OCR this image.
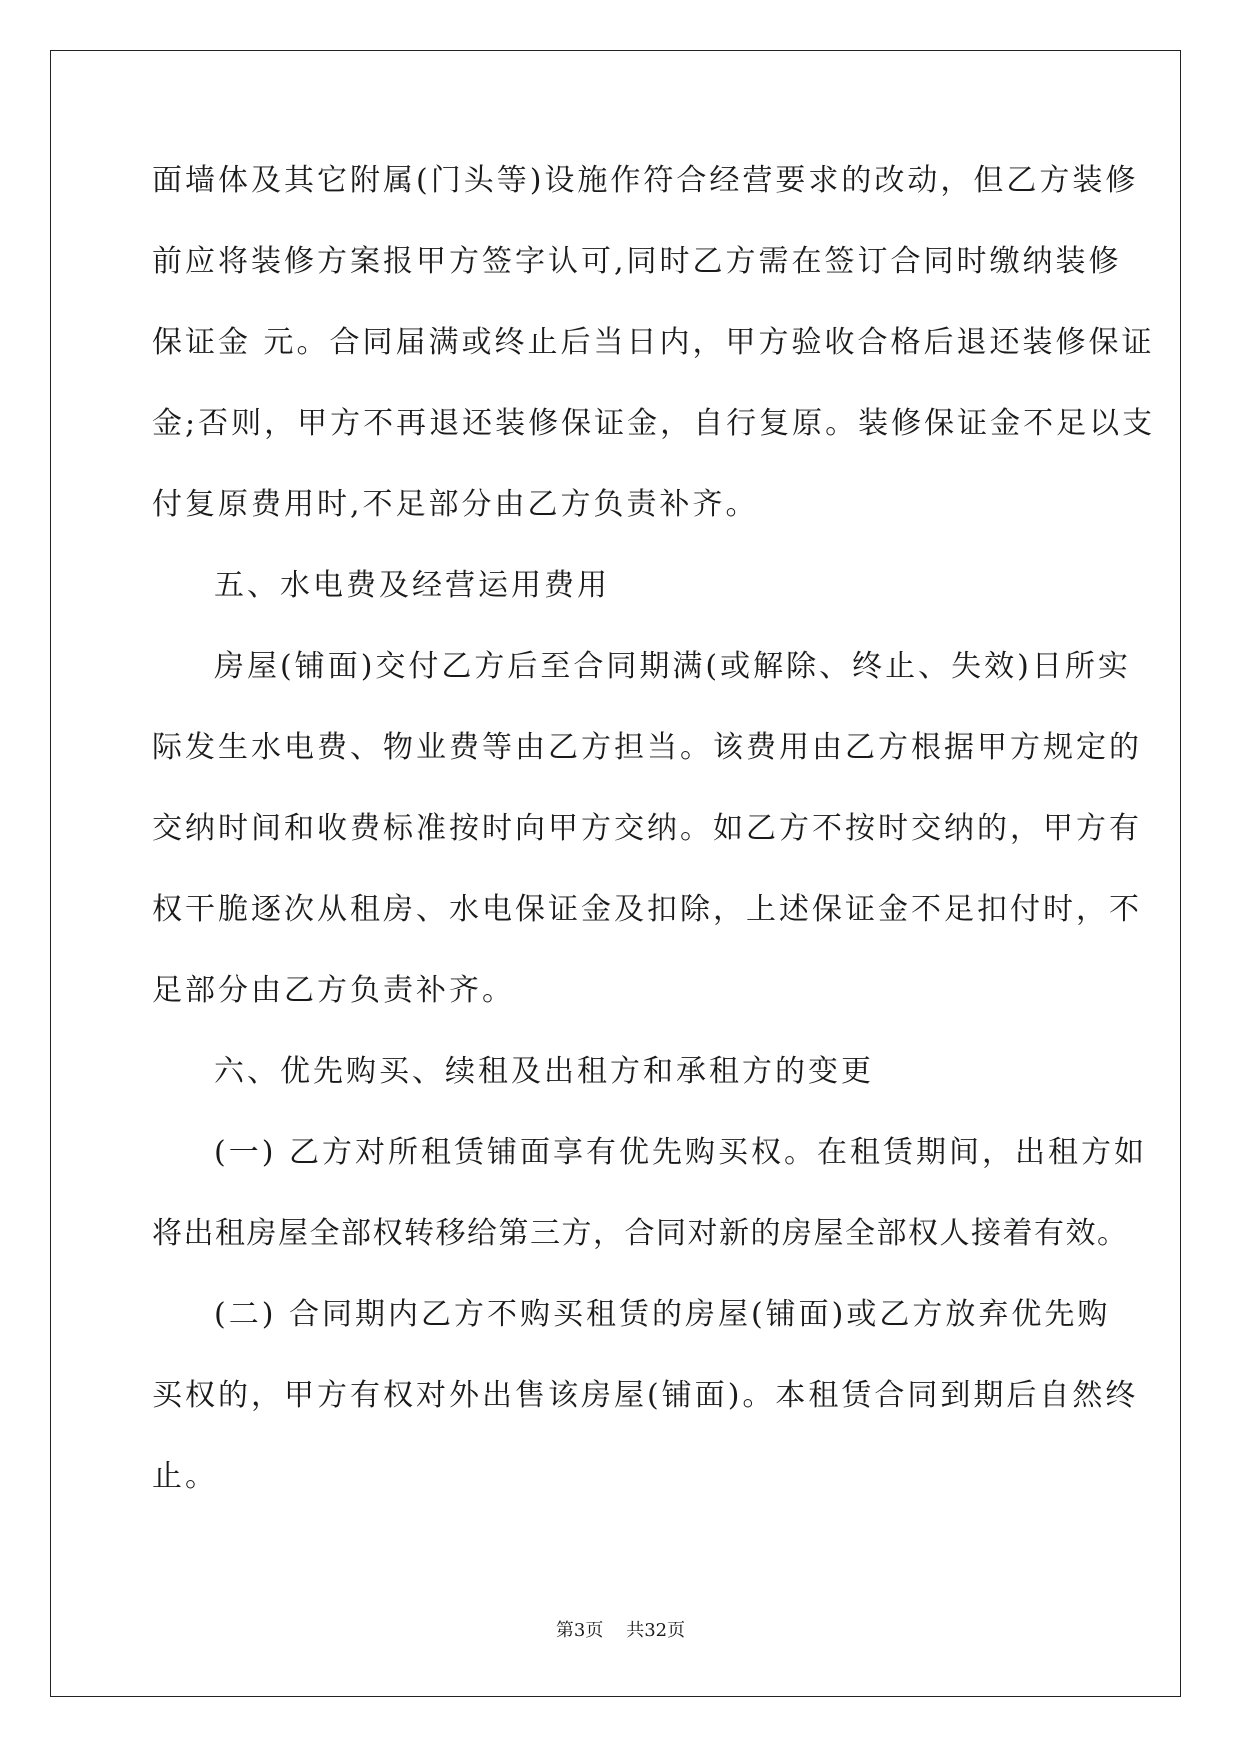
面墙体及其它附属(门头等)设施作符合经营要求的改动，但乙方装修
前应将装修方案报甲方签字认可,同时乙方需在签订合同时缴纳装修
保证金 元。合同届满或终止后当日内，甲方验收合格后退还装修保证
金;否则，甲方不再退还装修保证金，自行复原。装修保证金不足以支
付复原费用时,不足部分由乙方负责补齐。
五、水电费及经营运用费用
房屋(铺面)交付乙方后至合同期满(或解除、终止、失效)日所实
际发生水电费、物业费等由乙方担当。该费用由乙方根据甲方规定的
交纳时间和收费标准按时向甲方交纳。如乙方不按时交纳的，甲方有
权干脆逐次从租房、水电保证金及扣除，上述保证金不足扣付时，不
足部分由乙方负责补齐。
六、优先购买、续租及出租方和承租方的变更
(一) 乙方对所租赁铺面享有优先购买权。在租赁期间，出租方如
将出租房屋全部权转移给第三方，合同对新的房屋全部权人接着有效。
(二) 合同期内乙方不购买租赁的房屋(铺面)或乙方放弃优先购
买权的，甲方有权对外出售该房屋(铺面)。本租赁合同到期后自然终
止。
第3页    共32页
